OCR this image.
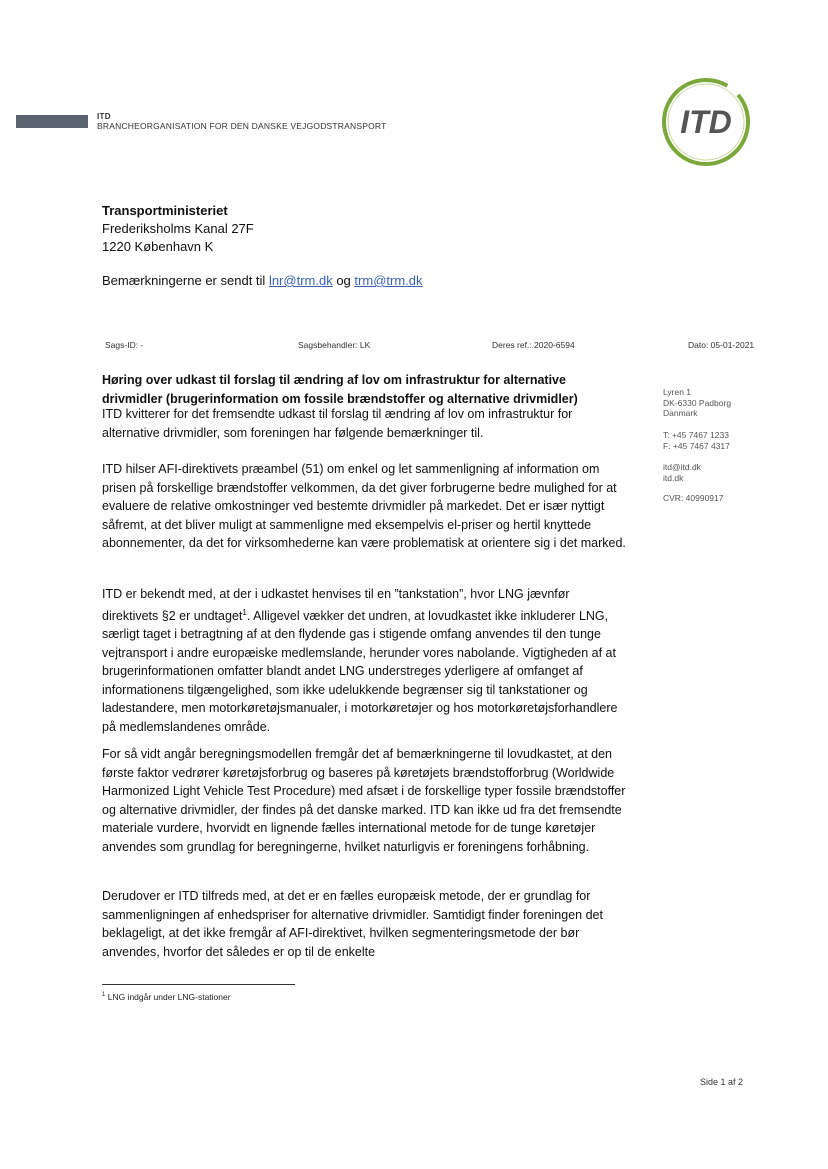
ITD
BRANCHEORGANISATION FOR DEN DANSKE VEJGODSTRANSPORT	ITD
Transportministeriet
Frederiksholms Kanal 27F
1220 København K
Bemærkningerne er sendt til lnr@trm.dk og trm@trm.dk
Sags-ID: -	Sagsbehandler: LK	Deres ref.: 2020-6594	Dato: 05-01-2021
Lyren 1
DK-6330 Padborg
Danmark
T: +45 7467 1233
F: +45 7467 4317
itd@itd.dk
itd.dk
CVR: 40990917
Høring over udkast til forslag til ændring af lov om infrastruktur for alternative drivmidler (brugerinformation om fossile brændstoffer og alternative drivmidler)
ITD kvitterer for det fremsendte udkast til forslag til ændring af lov om infrastruktur for alternative drivmidler, som foreningen har følgende bemærkninger til.
ITD hilser AFI-direktivets præambel (51) om enkel og let sammenligning af information om prisen på forskellige brændstoffer velkommen, da det giver forbrugerne bedre mulighed for at evaluere de relative omkostninger ved bestemte drivmidler på markedet. Det er især nyttigt såfremt, at det bliver muligt at sammenligne med eksempelvis el-priser og hertil knyttede abonnementer, da det for virksomhederne kan være problematisk at orientere sig i det marked.
ITD er bekendt med, at der i udkastet henvises til en ”tankstation”, hvor LNG jævnfør direktivets §2 er undtaget$^1$. Alligevel vækker det undren, at lovudkastet ikke inkluderer LNG, særligt taget i betragtning af at den flydende gas i stigende omfang anvendes til den tunge vejtransport i andre europæiske medlemslande, herunder vores nabolande. Vigtigheden af at brugerinformationen omfatter blandt andet LNG understreges yderligere af omfanget af informationens tilgængelighed, som ikke udelukkende begrænser sig til tankstationer og ladestandere, men motorkøretøjsmanualer, i motorkøretøjer og hos motorkøretøjsforhandlere på medlemslandenes område.
For så vidt angår beregningsmodellen fremgår det af bemærkningerne til lovudkastet, at den første faktor vedrører køretøjsforbrug og baseres på køretøjets brændstofforbrug (Worldwide Harmonized Light Vehicle Test Procedure) med afsæt i de forskellige typer fossile brændstoffer og alternative drivmidler, der findes på det danske marked. ITD kan ikke ud fra det fremsendte materiale vurdere, hvorvidt en lignende fælles international metode for de tunge køretøjer anvendes som grundlag for beregningerne, hvilket naturligvis er foreningens forhåbning.
Derudover er ITD tilfreds med, at det er en fælles europæisk metode, der er grundlag for sammenligningen af enhedspriser for alternative drivmidler. Samtidigt finder foreningen det beklageligt, at det ikke fremgår af AFI-direktivet, hvilken segmenteringsmetode der bør anvendes, hvorfor det således er op til de enkelte
$^1$ LNG indgår under LNG-stationer
Side 1 af 2
